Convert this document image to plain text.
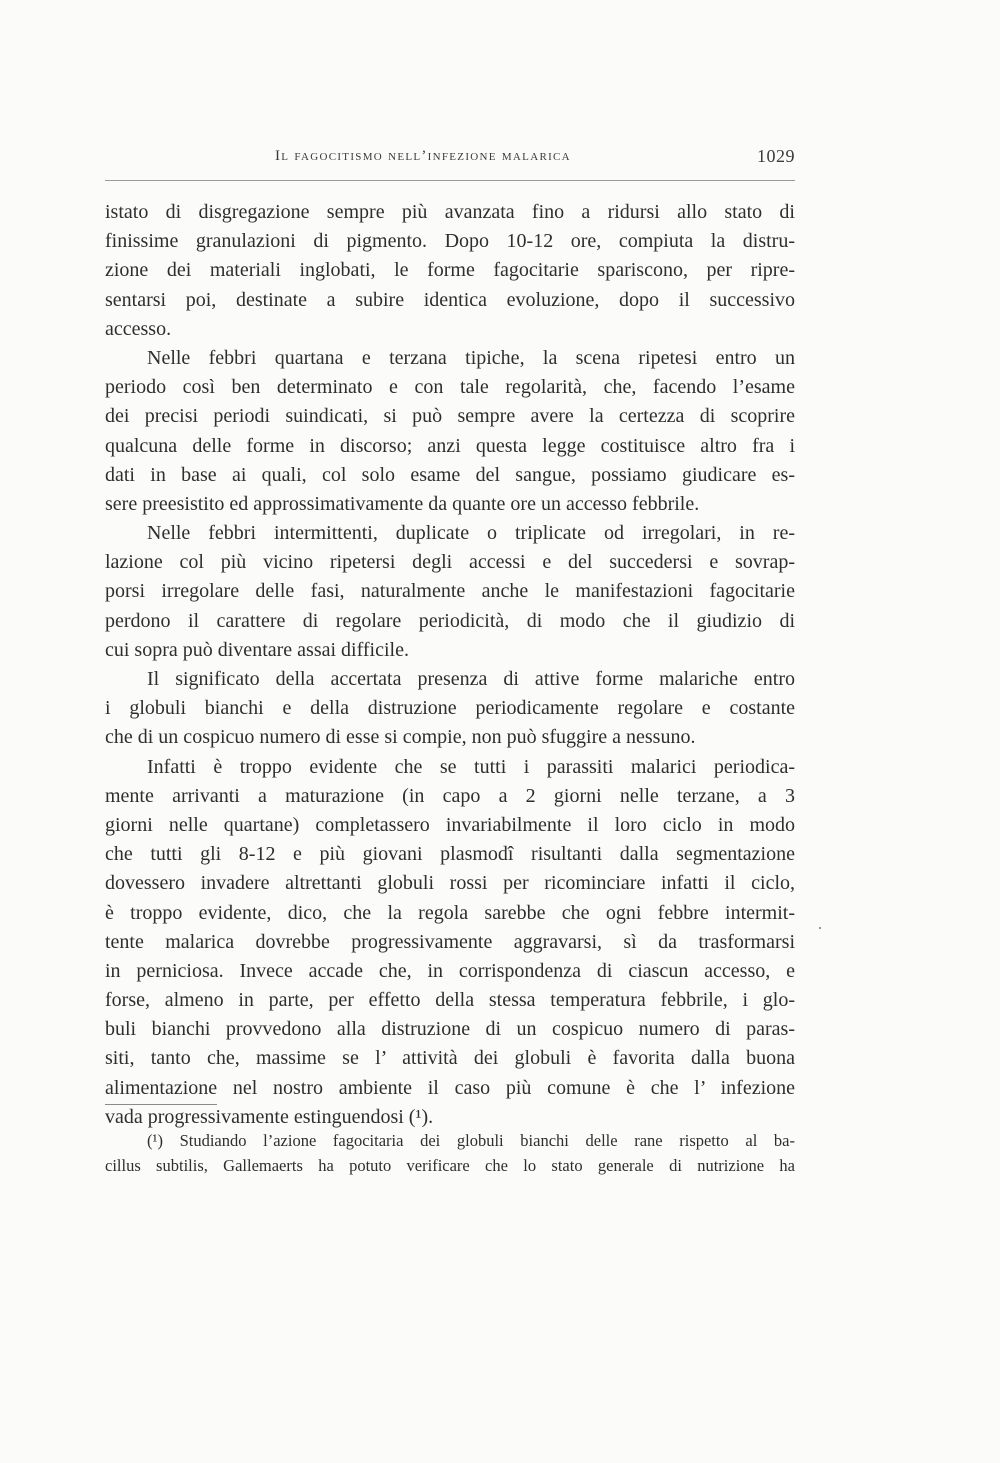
Il fagocitismo nell’infezione malarica	1029
istato di disgregazione sempre più avanzata fino a ridursi allo stato di
finissime granulazioni di pigmento. Dopo 10-12 ore, compiuta la distru-
zione dei materiali inglobati, le forme fagocitarie spariscono, per ripre-
sentarsi poi, destinate a subire identica evoluzione, dopo il successivo
accesso.
Nelle febbri quartana e terzana tipiche, la scena ripetesi entro un
periodo così ben determinato e con tale regolarità, che, facendo l’esame
dei precisi periodi suindicati, si può sempre avere la certezza di scoprire
qualcuna delle forme in discorso; anzi questa legge costituisce altro fra i
dati in base ai quali, col solo esame del sangue, possiamo giudicare es-
sere preesistito ed approssimativamente da quante ore un accesso febbrile.
Nelle febbri intermittenti, duplicate o triplicate od irregolari, in re-
lazione col più vicino ripetersi degli accessi e del succedersi e sovrap-
porsi irregolare delle fasi, naturalmente anche le manifestazioni fagocitarie
perdono il carattere di regolare periodicità, di modo che il giudizio di
cui sopra può diventare assai difficile.
Il significato della accertata presenza di attive forme malariche entro
i globuli bianchi e della distruzione periodicamente regolare e costante
che di un cospicuo numero di esse si compie, non può sfuggire a nessuno.
Infatti è troppo evidente che se tutti i parassiti malarici periodica-
mente arrivanti a maturazione (in capo a 2 giorni nelle terzane, a 3
giorni nelle quartane) completassero invariabilmente il loro ciclo in modo
che tutti gli 8-12 e più giovani plasmodî risultanti dalla segmentazione
dovessero invadere altrettanti globuli rossi per ricominciare infatti il ciclo,
è troppo evidente, dico, che la regola sarebbe che ogni febbre intermit-
tente malarica dovrebbe progressivamente aggravarsi, sì da trasformarsi
in perniciosa. Invece accade che, in corrispondenza di ciascun accesso, e
forse, almeno in parte, per effetto della stessa temperatura febbrile, i glo-
buli bianchi provvedono alla distruzione di un cospicuo numero di paras-
siti, tanto che, massime se l’ attività dei globuli è favorita dalla buona
alimentazione nel nostro ambiente il caso più comune è che l’ infezione
vada progressivamente estinguendosi (¹).
(¹) Studiando l’azione fagocitaria dei globuli bianchi delle rane rispetto al ba-
cillus subtilis, Gallemaerts ha potuto verificare che lo stato generale di nutrizione ha
